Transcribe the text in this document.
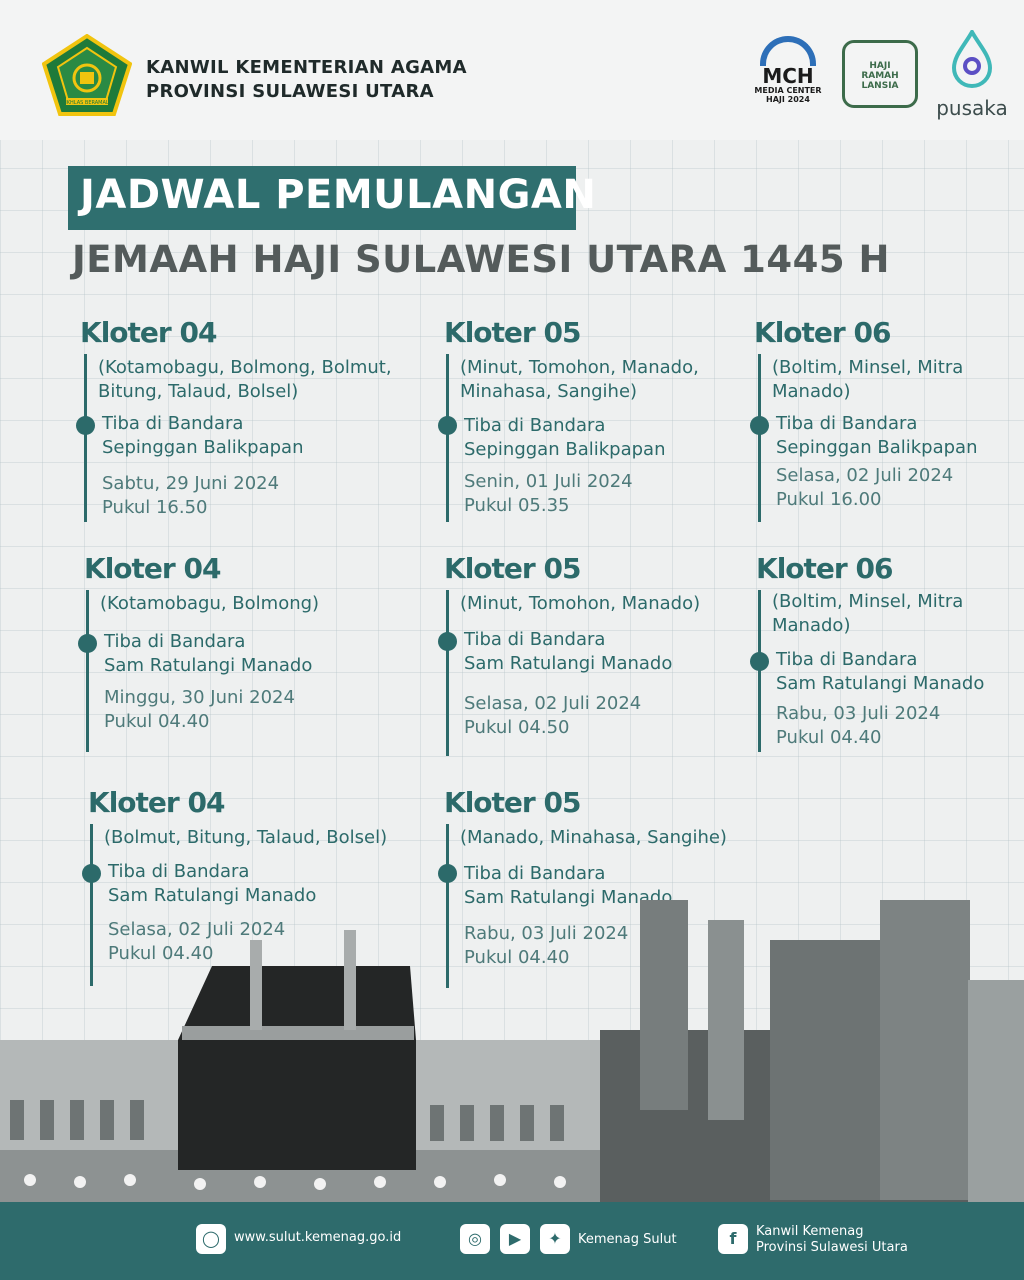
IKHLAS BERAMAL
KANWIL KEMENTERIAN AGAMA
PROVINSI SULAWESI UTARA
MCH
MEDIA CENTER
HAJI 2024
HAJI
RAMAH
LANSIA
pusaka
JADWAL PEMULANGAN
JEMAAH HAJI SULAWESI UTARA 1445 H
Kloter 04
(Kotamobagu, Bolmong, Bolmut,
Bitung, Talaud, Bolsel)
Tiba di Bandara
Sepinggan Balikpapan
Sabtu, 29 Juni 2024
Pukul 16.50
Kloter 05
(Minut, Tomohon, Manado,
Minahasa, Sangihe)
Tiba di Bandara
Sepinggan Balikpapan
Senin, 01 Juli 2024
Pukul 05.35
Kloter 06
(Boltim, Minsel, Mitra
Manado)
Tiba di Bandara
Sepinggan Balikpapan
Selasa, 02 Juli 2024
Pukul 16.00
Kloter 04
(Kotamobagu, Bolmong)
Tiba di Bandara
Sam Ratulangi Manado
Minggu, 30 Juni 2024
Pukul 04.40
Kloter 05
(Minut, Tomohon, Manado)
Tiba di Bandara
Sam Ratulangi Manado
Selasa, 02 Juli 2024
Pukul 04.50
Kloter 06
(Boltim, Minsel, Mitra
Manado)
Tiba di Bandara
Sam Ratulangi Manado
Rabu, 03 Juli 2024
Pukul 04.40
Kloter 04
(Bolmut, Bitung, Talaud, Bolsel)
Tiba di Bandara
Sam Ratulangi Manado
Selasa, 02 Juli 2024
Pukul 04.40
Kloter 05
(Manado, Minahasa, Sangihe)
Tiba di Bandara
Sam Ratulangi Manado
Rabu, 03 Juli 2024
Pukul 04.40
◯	www.sulut.kemenag.go.id	◎	▶	✦	Kemenag Sulut	f	Kanwil Kemenag
Provinsi Sulawesi Utara
